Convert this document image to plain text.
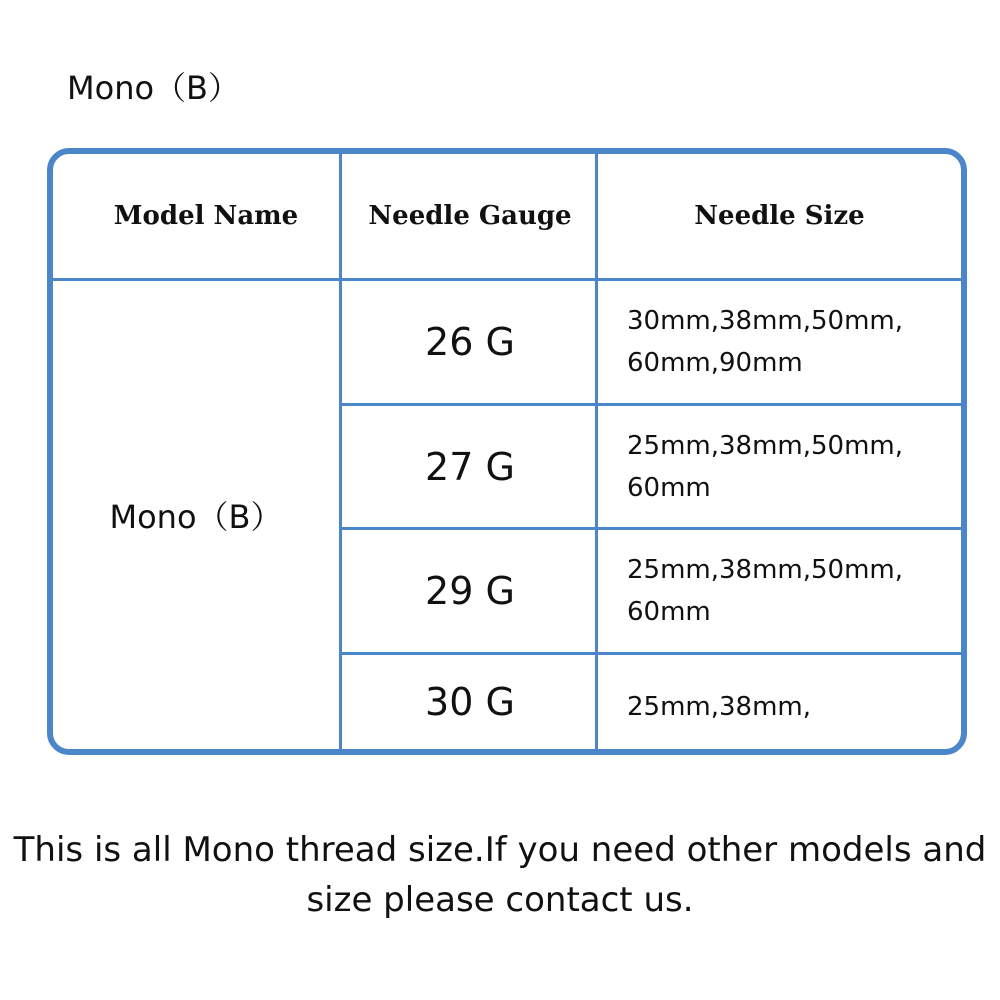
Mono（B）
Model Name	Needle Gauge	Needle Size
Mono（B）
26 G	30mm,38mm,50mm,
60mm,90mm
27 G	25mm,38mm,50mm,
60mm
29 G	25mm,38mm,50mm,
60mm
30 G	25mm,38mm,
This is all Mono thread size.If you need other models and
size please contact us.
